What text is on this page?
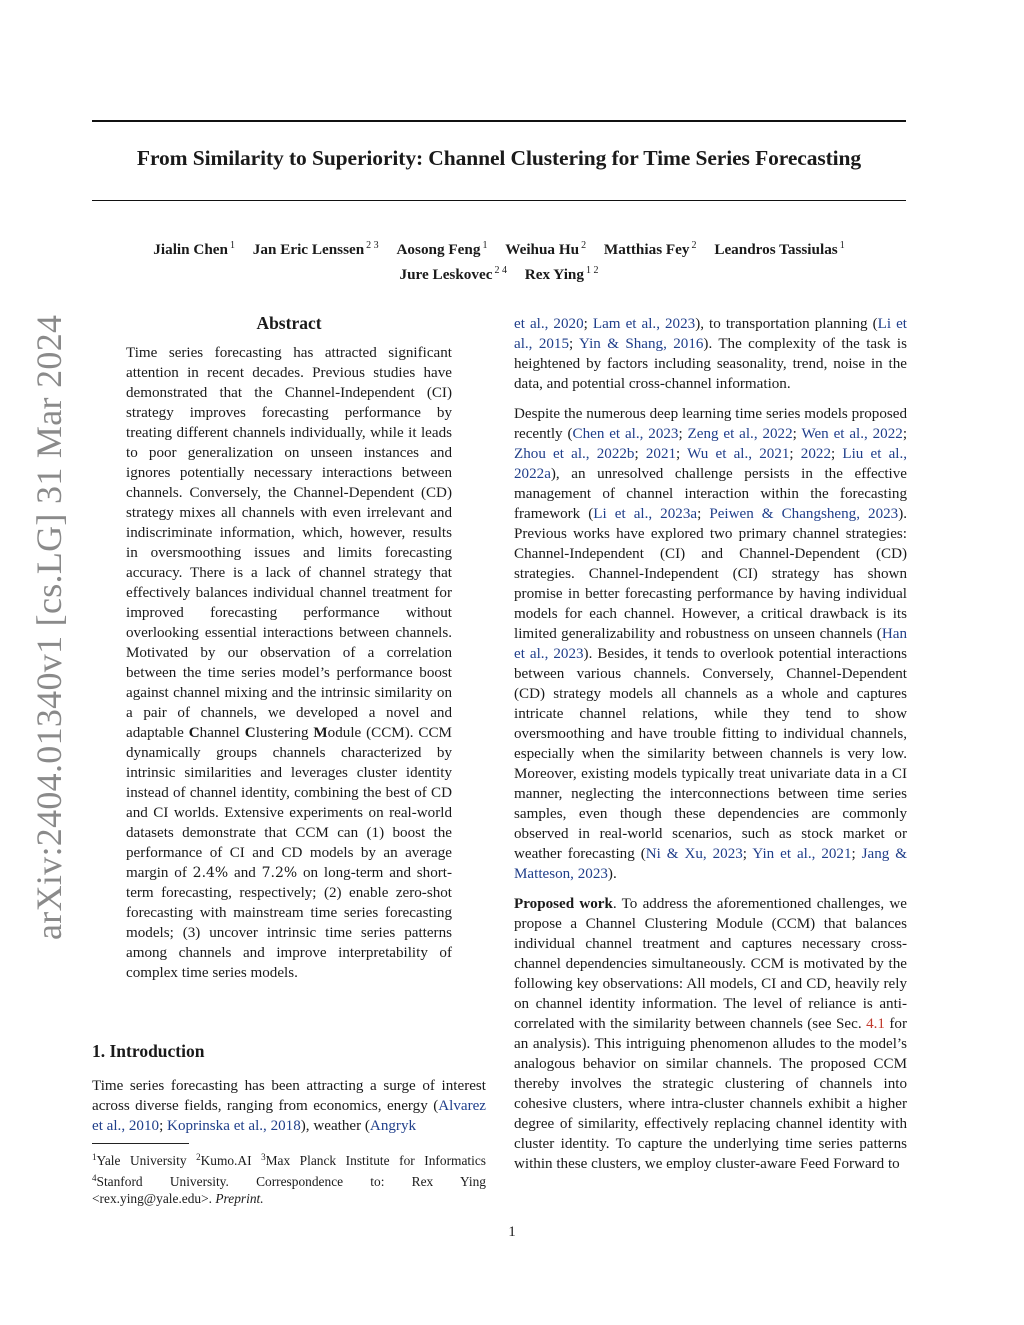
arXiv:2404.01340v1 [cs.LG] 31 Mar 2024
From Similarity to Superiority: Channel Clustering for Time Series Forecasting
Jialin Chen $^1$ Jan Eric Lenssen $^{2 3}$ Aosong Feng $^1$ Weihua Hu $^2$ Matthias Fey $^2$ Leandros Tassiulas $^1$
Jure Leskovec $^{2 4}$ Rex Ying $^{1 2}$
Abstract

Time series forecasting has attracted significant attention in recent decades. Previous studies have demonstrated that the Channel-Independent (CI) strategy improves forecasting performance by treating different channels individually, while it leads to poor generalization on unseen instances and ignores potentially necessary interactions between channels. Conversely, the Channel-Dependent (CD) strategy mixes all channels with even irrelevant and indiscriminate information, which, however, results in oversmoothing issues and limits forecasting accuracy. There is a lack of channel strategy that effectively balances individual channel treatment for improved forecasting performance without overlooking essential interactions between channels. Motivated by our observation of a correlation between the time series model’s performance boost against channel mixing and the intrinsic similarity on a pair of channels, we developed a novel and adaptable Channel Clustering Module (CCM). CCM dynamically groups channels characterized by intrinsic similarities and leverages cluster identity instead of channel identity, combining the best of CD and CI worlds. Extensive experiments on real-world datasets demonstrate that CCM can (1) boost the performance of CI and CD models by an average margin of 2.4% and 7.2% on long-term and short-term forecasting, respectively; (2) enable zero-shot forecasting with mainstream time series forecasting models; (3) uncover intrinsic time series patterns among channels and improve interpretability of complex time series models.

1. Introduction

Time series forecasting has been attracting a surge of interest across diverse fields, ranging from economics, energy (Alvarez et al., 2010; Koprinska et al., 2018), weather (Angryk

$^1$Yale University $^2$Kumo.AI $^3$Max Planck Institute for Informatics $^4$Stanford University. Correspondence to: Rex Ying <rex.ying@yale.edu>. Preprint.

et al., 2020; Lam et al., 2023), to transportation planning (Li et al., 2015; Yin & Shang, 2016). The complexity of the task is heightened by factors including seasonality, trend, noise in the data, and potential cross-channel information.

Despite the numerous deep learning time series models proposed recently (Chen et al., 2023; Zeng et al., 2022; Wen et al., 2022; Zhou et al., 2022b; 2021; Wu et al., 2021; 2022; Liu et al., 2022a), an unresolved challenge persists in the effective management of channel interaction within the forecasting framework (Li et al., 2023a; Peiwen & Changsheng, 2023). Previous works have explored two primary channel strategies: Channel-Independent (CI) and Channel-Dependent (CD) strategies. Channel-Independent (CI) strategy has shown promise in better forecasting performance by having individual models for each channel. However, a critical drawback is its limited generalizability and robustness on unseen channels (Han et al., 2023). Besides, it tends to overlook potential interactions between various channels. Conversely, Channel-Dependent (CD) strategy models all channels as a whole and captures intricate channel relations, while they tend to show oversmoothing and have trouble fitting to individual channels, especially when the similarity between channels is very low. Moreover, existing models typically treat univariate data in a CI manner, neglecting the interconnections between time series samples, even though these dependencies are commonly observed in real-world scenarios, such as stock market or weather forecasting (Ni & Xu, 2023; Yin et al., 2021; Jang & Matteson, 2023).

Proposed work. To address the aforementioned challenges, we propose a Channel Clustering Module (CCM) that balances individual channel treatment and captures necessary cross-channel dependencies simultaneously. CCM is motivated by the following key observations: All models, CI and CD, heavily rely on channel identity information. The level of reliance is anti-correlated with the similarity between channels (see Sec. 4.1 for an analysis). This intriguing phenomenon alludes to the model’s analogous behavior on similar channels. The proposed CCM thereby involves the strategic clustering of channels into cohesive clusters, where intra-cluster channels exhibit a higher degree of similarity, effectively replacing channel identity with cluster identity. To capture the underlying time series patterns within these clusters, we employ cluster-aware Feed Forward to

1
